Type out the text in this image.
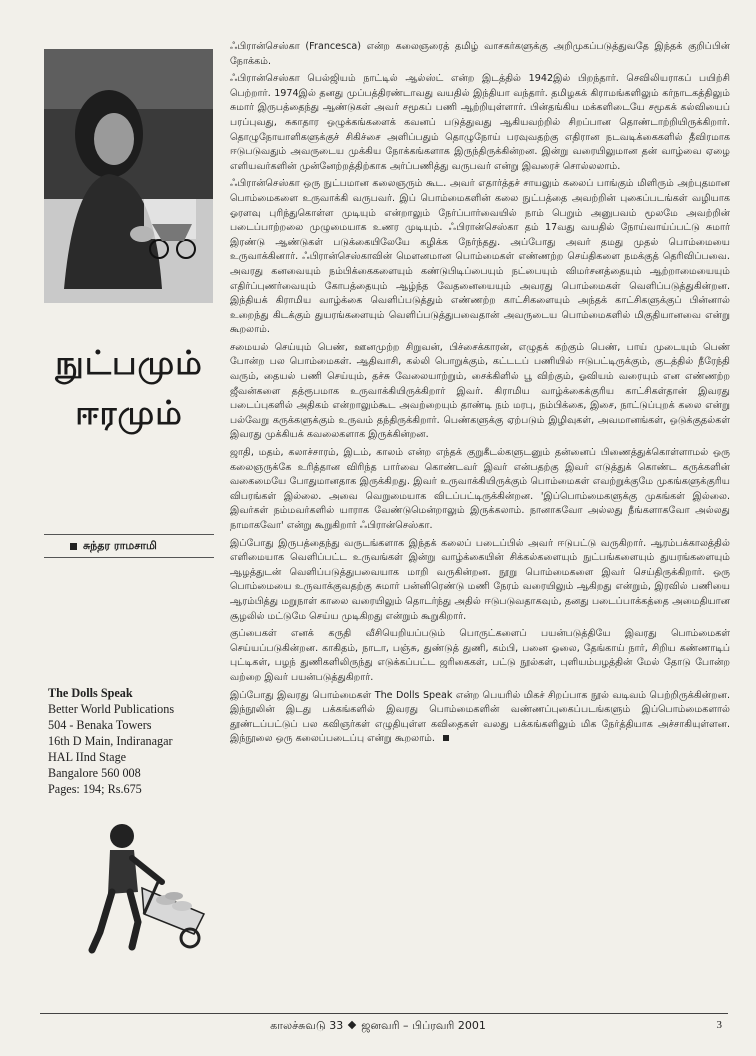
நுட்பமும்
ஈரமும்
சுந்தர ராமசாமி
The Dolls Speak
Better World Publications
504 - Benaka Towers
16th D Main, Indiranagar
HAL IInd Stage
Bangalore 560 008
Pages: 194; Rs.675

ஃபிரான்செஸ்கா (Francesca) என்ற கலைஞரைத் தமிழ் வாசகர்களுக்கு அறிமுகப்படுத்துவதே இந்தக் குறிப்பின் நோக்கம்.

ஃபிரான்செஸ்கா பெல்ஜியம் நாட்டில் ஆல்ஸ்ட் என்ற இடத்தில் 1942இல் பிறந்தார். செவிலியராகப் பயிற்சி பெற்றார். 1974இல் தனது முப்பத்திரண்டாவது வயதில் இந்தியா வந்தார். தமிழகக் கிராமங்களிலும் கர்நாடகத்திலும் சுமார் இருபத்தைந்து ஆண்டுகள் அவர் சமூகப் பணி ஆற்றியுள்ளார். பின்தங்கிய மக்களிடையே சமூகக் கல்வியைப் பரப்புவது, சுகாதார ஒழுக்கங்களைக் கவனப் படுத்துவது ஆகியவற்றில் சிறப்பான தொண்டாற்றியிருக்கிறார். தொழுநோயாளிகளுக்குச் சிகிச்சை அளிப்பதும் தொழுநோய் பரவுவதற்கு எதிரான நடவடிக்கைகளில் தீவிரமாக ஈடுபடுவதும் அவருடைய முக்கிய நோக்கங்களாக இருந்திருக்கின்றன. இன்று வரையிலுமான தன் வாழ்வை ஏழை எளியவர்களின் முன்னேற்றத்திற்காக அர்ப்பணித்து வருபவர் என்று இவரைச் சொல்லலாம்.

ஃபிரான்செஸ்கா ஒரு நுட்பமான கலைஞரும் கூட. அவர் எதார்த்தச் சாயலும் கலைப் பாங்கும் மிளிரும் அற்புதமான பொம்மைகளை உருவாக்கி வருபவர். இப் பொம்மைகளின் கலை நுட்பத்தை அவற்றின் புகைப்படங்கள் வழியாக ஓரளவு புரிந்துகொள்ள முடியும் என்றாலும் நேர்ப்பார்வையில் நாம் பெறும் அனுபவம் மூலமே அவற்றின் படைப்பாற்றலை முழுமையாக உணர முடியும். ஃபிரான்செஸ்கா தம் 17வது வயதில் நோய்வாய்ப்பட்டு சுமார் இரண்டு ஆண்டுகள் படுக்கையிலேயே கழிக்க நேர்ந்தது. அப்போது அவர் தமது முதல் பொம்மையை உருவாக்கினார். ஃபிரான்செஸ்காவின் மௌனமான பொம்மைகள் எண்ணற்ற செய்திகளை நமக்குத் தெரிவிப்பவை. அவரது கனவையும் நம்பிக்கைகளையும் கண்டுபிடிப்பையும் நட்பையும் விமர்சனத்தையும் ஆற்றாமையையும் எதிர்ப்புணர்வையும் கோபத்தையும் ஆழ்ந்த வேதனையையும் அவரது பொம்மைகள் வெளிப்படுத்துகின்றன. இந்தியக் கிராமிய வாழ்க்கை வெளிப்படுத்தும் எண்ணற்ற காட்சிகளையும் அந்தக் காட்சிகளுக்குப் பின்னால் உறைந்து கிடக்கும் துயரங்களையும் வெளிப்படுத்துபவைதான் அவருடைய பொம்மைகளில் மிகுதியானவை என்று கூறலாம்.

சமையல் செய்யும் பெண், ஊனமுற்ற சிறுவன், பிச்சைக்காரன், எழுதக் கற்கும் பெண், பாய் முடையும் பெண் போன்ற பல பொம்மைகள். ஆதிவாசி, கல்லி பொறுக்கும், கட்டடப் பணியில் ஈடுபட்டிருக்கும், குடத்தில் நீரேந்தி வரும், தையல் பணி செய்யும், தச்சு வேலையாற்றும், சைக்கிளில் பூ விற்கும், ஓவியம் வரையும் என எண்ணற்ற ஜீவன்களை தத்ரூபமாக உருவாக்கியிருக்கிறார் இவர். கிராமிய வாழ்க்கைக்குரிய காட்சிகள்தான் இவரது படைப்புகளில் அதிகம் என்றாலும்கூட அவற்றையும் தாண்டி நம் மரபு, நம்பிக்கை, இசை, நாட்டுப்புறக் கலை என்று பல்வேறு கருக்களுக்கும் உருவம் தந்திருக்கிறார். பெண்களுக்கு ஏற்படும் இழிவுகள், அவமானங்கள், ஒடுக்குதல்கள் இவரது முக்கியக் கவலைகளாக இருக்கின்றன.

ஜாதி, மதம், கலாச்சாரம், இடம், காலம் என்ற எந்தக் குறுகீடல்களுடனும் தன்னைப் பிணைத்துக்கொள்ளாமல் ஒரு கலைஞருக்கே உரித்தான விரிந்த பார்வை கொண்டவர் இவர் என்பதற்கு இவர் எடுத்துக் கொண்ட கருக்களின் வகைமையே போதுமானதாக இருக்கிறது. இவர் உருவாக்கியிருக்கும் பொம்மைகள் எவற்றுக்குமே முகங்களுக்குரிய விபரங்கள் இல்லை. அவை வெறுமையாக விடப்பட்டிருக்கின்றன. 'இப்பொம்மைகளுக்கு முகங்கள் இல்லை. இவர்கள் நம்மவர்களில் யாராக வேண்டுமென்றாலும் இருக்கலாம். நானாகவோ அல்லது நீங்களாகவோ அல்லது நாமாகவோ' என்று கூறுகிறார் ஃபிரான்செஸ்கா.

இப்போது இருபத்தைந்து வருடங்களாக இந்தக் கலைப் படைப்பில் அவர் ஈடுபட்டு வருகிறார். ஆரம்பக்காலத்தில் எளிமையாக வெளிப்பட்ட உருவங்கள் இன்று வாழ்க்கையின் சிக்கல்களையும் நுட்பங்களையும் துயரங்களையும் ஆழத்துடன் வெளிப்படுத்துபவையாக மாறி வருகின்றன. நூறு பொம்மைகளை இவர் செய்திருக்கிறார். ஒரு பொம்மையை உருவாக்குவதற்கு சுமார் பன்னிரெண்டு மணி நேரம் வரையிலும் ஆகிறது என்றும், இரவில் பணியை ஆரம்பித்து மறுநாள் காலை வரையிலும் தொடர்ந்து அதில் ஈடுபடுவதாகவும், தனது படைப்பாக்கத்தை அமைதியான சூழலில் மட்டுமே செய்ய முடிகிறது என்றும் கூறுகிறார்.

குப்பைகள் எனக் கருதி வீசியெறியப்படும் பொருட்களைப் பயன்படுத்தியே இவரது பொம்மைகள் செய்யப்படுகின்றன. காகிதம், நாடா, பஞ்சு, துண்டுத் துணி, கம்பி, பனை ஓலை, தேங்காய் நார், சிறிய கண்ணாடிப் புட்டிகள், பழந் துணிகளிலிருந்து எடுக்கப்பட்ட ஜரிகைகள், பட்டு நூல்கள், புளியம்பழத்தின் மேல் தோடு போன்ற வற்றை இவர் பயன்படுத்துகிறார்.

இப்போது இவரது பொம்மைகள் The Dolls Speak என்ற பெயரில் மிகச் சிறப்பாக நூல் வடிவம் பெற்றிருக்கின்றன. இந்நூலின் இடது பக்கங்களில் இவரது பொம்மைகளின் வண்ணப்புகைப்படங்களும் இப்பொம்மைகளால் தூண்டப்பட்டுப் பல கவிஞர்கள் எழுதியுள்ள கவிதைகள் வலது பக்கங்களிலும் மிக நேர்த்தியாக அச்சாகியுள்ளன. இந்நூலை ஒரு கலைப்படைப்பு என்று கூறலாம்.

காலச்சுவடு 33 ஜனவரி – பிப்ரவரி 2001	3
